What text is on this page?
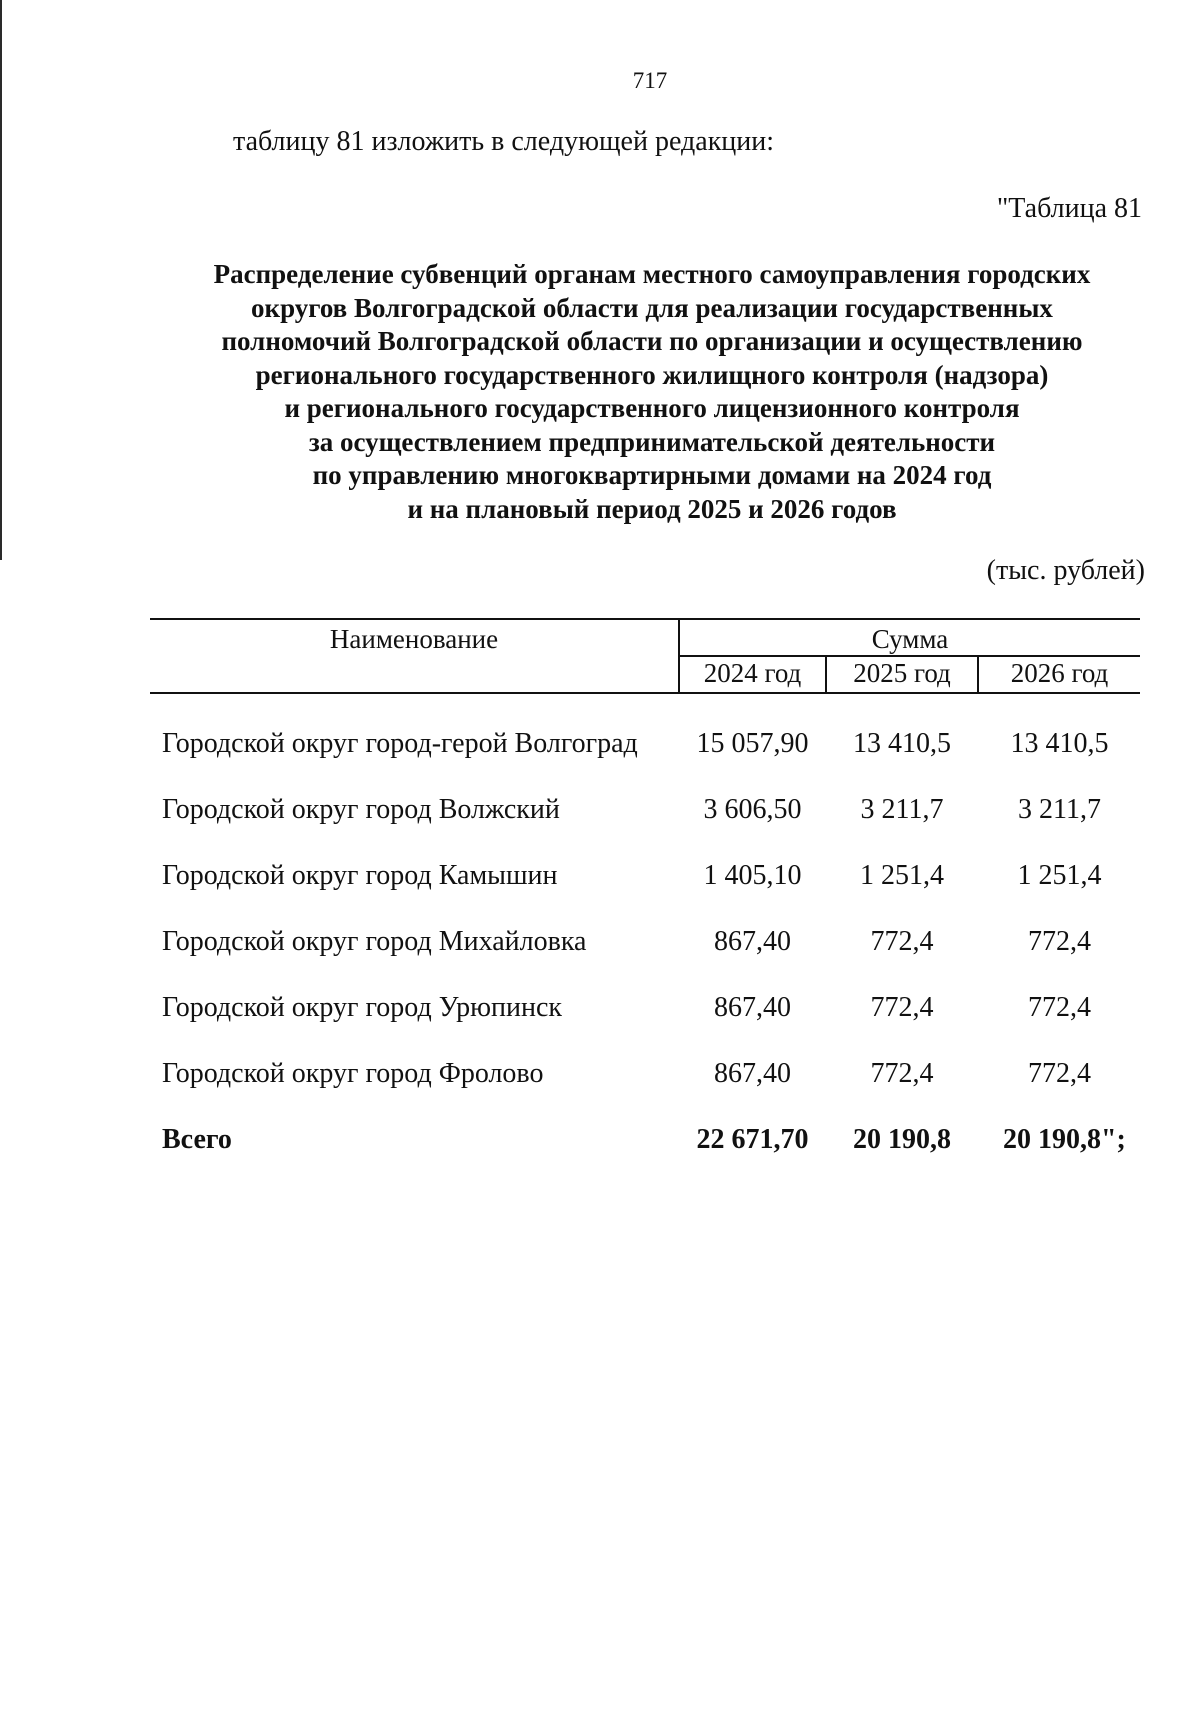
717
таблицу 81 изложить в следующей редакции:
"Таблица 81
Распределение субвенций органам местного самоуправления городских
округов Волгоградской области для реализации государственных
полномочий Волгоградской области по организации и осуществлению
регионального государственного жилищного контроля (надзора)
и регионального государственного лицензионного контроля
за осуществлением предпринимательской деятельности
по управлению многоквартирными домами на 2024 год
и на плановый период 2025 и 2026 годов
(тыс. рублей)
Наименование	Сумма
2024 год	2025 год	2026 год
Городской округ город-герой Волгоград	15 057,90	13 410,5	13 410,5
Городской округ город Волжский	3 606,50	3 211,7	3 211,7
Городской округ город Камышин	1 405,10	1 251,4	1 251,4
Городской округ город Михайловка	867,40	772,4	772,4
Городской округ город Урюпинск	867,40	772,4	772,4
Городской округ город Фролово	867,40	772,4	772,4
Всего	22 671,70	20 190,8	20 190,8";
